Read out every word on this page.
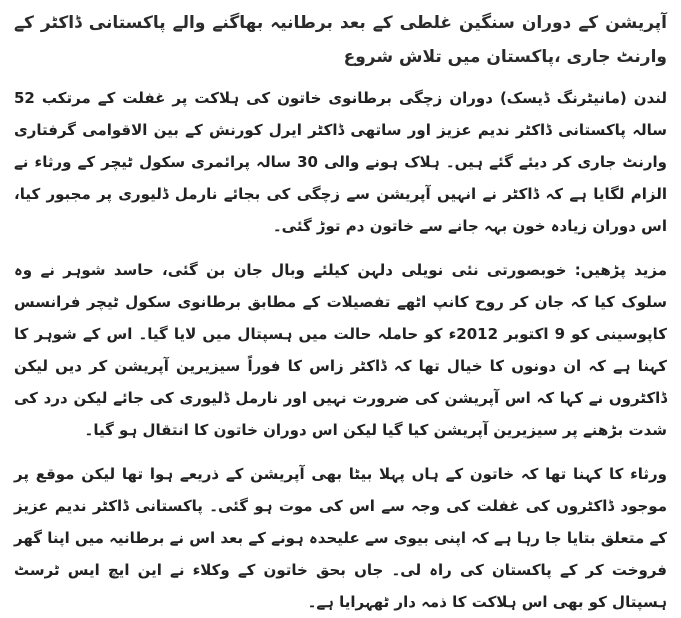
آپریشن کے دوران سنگین غلطی کے بعد برطانیہ بھاگنے والے پاکستانی ڈاکٹر کے وارنٹ جاری ،پاکستان میں تلاش شروع

لندن (مانیٹرنگ ڈیسک) دوران زچگی برطانوی خاتون کی ہلاکت پر غفلت کے مرتکب 52 سالہ پاکستانی ڈاکٹر ندیم عزیز اور ساتھی ڈاکٹر ایرل کورنش کے بین الاقوامی گرفتاری وارنٹ جاری کر دیئے گئے ہیں۔ ہلاک ہونے والی 30 سالہ پرائمری سکول ٹیچر کے ورثاء نے الزام لگایا ہے کہ ڈاکٹر نے انہیں آپریشن سے زچگی کی بجائے نارمل ڈلیوری پر مجبور کیا، اس دوران زیادہ خون بہہ جانے سے خاتون دم توڑ گئی۔

مزید پڑھیں: خوبصورتی نئی نویلی دلہن کیلئے وبال جان بن گئی، حاسد شوہر نے وہ سلوک کیا کہ جان کر روح کانپ اٹھے تفصیلات کے مطابق برطانوی سکول ٹیچر فرانسس کاپوسینی کو 9 اکتوبر 2012ء کو حاملہ حالت میں ہسپتال میں لایا گیا۔ اس کے شوہر کا کہنا ہے کہ ان دونوں کا خیال تھا کہ ڈاکٹر زاس کا فوراً سیزیرین آپریشن کر دیں لیکن ڈاکٹروں نے کہا کہ اس آپریشن کی ضرورت نہیں اور نارمل ڈلیوری کی جائے لیکن درد کی شدت بڑھنے پر سیزیرین آپریشن کیا گیا لیکن اس دوران خاتون کا انتقال ہو گیا۔

ورثاء کا کہنا تھا کہ خاتون کے ہاں پہلا بیٹا بھی آپریشن کے ذریعے ہوا تھا لیکن موقع پر موجود ڈاکٹروں کی غفلت کی وجہ سے اس کی موت ہو گئی۔ پاکستانی ڈاکٹر ندیم عزیز کے متعلق بتایا جا رہا ہے کہ اپنی بیوی سے علیحدہ ہونے کے بعد اس نے برطانیہ میں اپنا گھر فروخت کر کے پاکستان کی راہ لی۔ جاں بحق خاتون کے وکلاء نے این ایچ ایس ٹرسٹ ہسپتال کو بھی اس ہلاکت کا ذمہ دار ٹھہرایا ہے۔
